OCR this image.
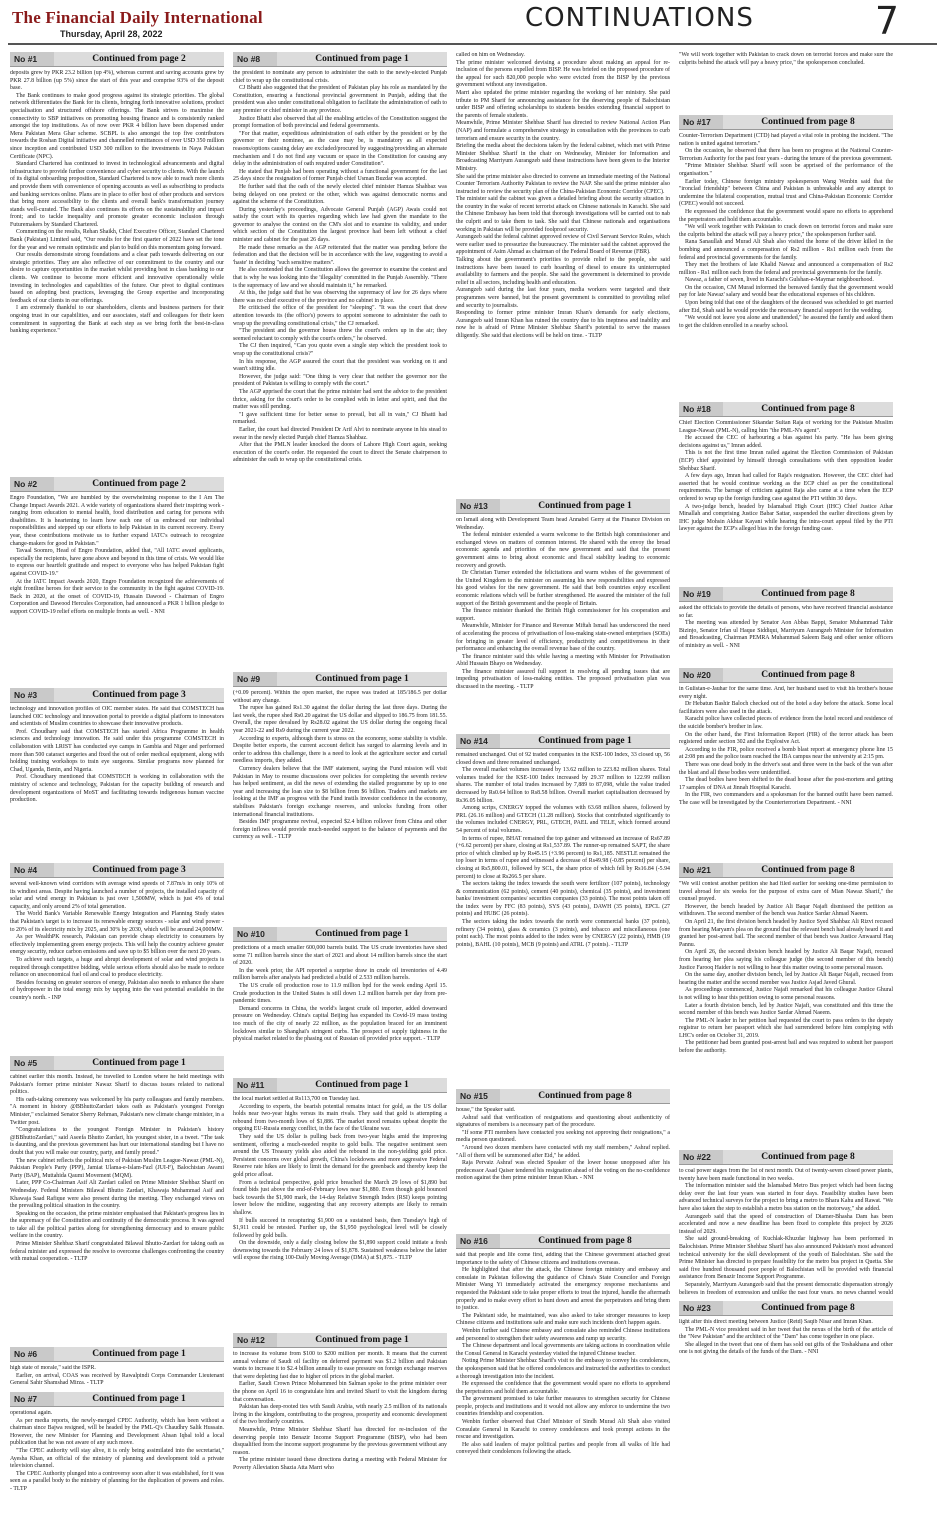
The Financial Daily International
Thursday, April 28, 2022
CONTINUATIONS	7
No #1	Continued from page 2

deposits grew by PKR 23.2 billion (up 4%), whereas current and saving accounts grew by PKR 27.8 billion (up 5%) since the start of this year and comprise 93% of the deposit base.

The Bank continues to make good progress against its strategic priorities. The global network differentiates the Bank for its clients, bringing forth innovative solutions, product specialisation and structured offshore offerings. The Bank strives to maximise the connectivity to SBP initiatives on promoting housing finance and is consistently ranked amongst the top institutions. As of now over PKR 4 billion have been dispersed under Mera Pakistan Mera Ghar scheme. SCBPL is also amongst the top five contributors towards the Roshan Digital initiative and channelled remittances of over USD 350 million since inception and contributed USD 300 million to the investments in Naya Pakistan Certificate (NPC).

Standard Chartered has continued to invest in technological advancements and digital infrastructure to provide further convenience and cyber security to clients. With the launch of its digital onboarding proposition, Standard Chartered is now able to reach more clients and provide them with convenience of opening accounts as well as subscribing to products and banking services online. Plans are in place to offer host of other products and services that bring more accessibility to the clients and overall bank's transformation journey stands well-curated. The Bank also continues its efforts on the sustainability and impact front; and to tackle inequality and promote greater economic inclusion through Futuremakers by Standard Chartered.

Commenting on the results, Rehan Shaikh, Chief Executive Officer, Standard Chartered Bank (Pakistan) Limited said, "Our results for the first quarter of 2022 have set the tone for the year and we remain optimistic and plan to build on this momentum going forward.

Our results demonstrate strong foundations and a clear path towards delivering on our strategic priorities. They are also reflective of our commitment to the country and our desire to capture opportunities in the market whilst providing best in class banking to our clients. We continue to become more efficient and innovative operationally while investing in technologies and capabilities of the future. Our pivot to digital continues based on adopting best practices, leveraging the Group expertise and incorporating feedback of our clients in our offerings.

I am extremely thankful to our shareholders, clients and business partners for their ongoing trust in our capabilities, and our associates, staff and colleagues for their keen commitment in supporting the Bank at each step as we bring forth the best-in-class banking experience."

No #2	Continued from page 2

Engro Foundation, "We are humbled by the overwhelming response to the I Am The Change Impact Awards 2021. A wide variety of organizations shared their inspiring work - ranging from education to mental health, food distribution and caring for persons with disabilities. It is heartening to learn how each one of us embraced our individual responsibilities and stepped up our efforts to help Pakistan in its current recovery. Every year, these contributions motivate us to further expand IATC's outreach to recognize change-makers for good in Pakistan."

Tavaal Soomro, Head of Engro Foundation, added that, "All IATC award applicants, especially the recipients, have gone above and beyond in this time of crisis. We would like to express our heartfelt gratitude and respect to everyone who has helped Pakistan fight against COVID-19."

At the IATC Impact Awards 2020, Engro Foundation recognized the achievements of eight frontline heroes for their service to the community in the fight against COVID-19. Back in 2020, at the onset of COVID-19, Hussain Dawood - Chairman of Engro Corporation and Dawood Hercules Corporation, had announced a PKR 1 billion pledge to support COVID-19 relief efforts on multiple fronts as well. - NNI

No #3	Continued from page 3

technology and innovation profiles of OIC member states. He said that COMSTECH has launched OIC technology and innovation portal to provide a digital platform to innovators and scientists of Muslim countries to showcase their innovative products.

Prof. Choudhary said that COMSTECH has started Africa Programme in health sciences and technology innovation. He said under this programme COMSTECH in collaboration with LRIST has conducted eye camps in Gambia and Niger and performed more than 500 cataract surgeries and fixed the out of order medical equipment, along with holding training workshops to train eye surgeons. Similar programs now planned for Chad, Uganda, Benin, and Nigeria.

Prof. Choudhary mentioned that COMSTECH is working in collaboration with the ministry of science and technology, Pakistan for the capacity building of research and development organizations of MoST and facilitating towards indigenous human vaccine production.

No #4	Continued from page 3

several well-known wind corridors with average wind speeds of 7.87m/s in only 10% of its windiest areas. Despite having launched a number of projects, the installed capacity of solar and wind energy in Pakistan is just over 1,500MW, which is just 4% of total capacity, and only around 2% of total generation.

The World Bank's Variable Renewable Energy Integration and Planning Study states that Pakistan's target is to increase its renewable energy sources - solar and wind power - to 20% of its electricity mix by 2025, and 30% by 2030, which will be around 24,000MW.

As per WealthPK research, Pakistan can provide cheap electricity to consumers by effectively implementing green energy projects. This will help the country achieve greater energy security, reduce carbon emissions and save up to $5 billion over the next 20 years.

To achieve such targets, a huge and abrupt development of solar and wind projects is required through competitive bidding, while serious efforts should also be made to reduce reliance on uneconomical fuel oil and coal to produce electricity.

Besides focusing on greater sources of energy, Pakistan also needs to enhance the share of hydropower in the total energy mix by tapping into the vast potential available in the country's north. - INP

No #5	Continued from page 1

cabinet earlier this month. Instead, he travelled to London where he held meetings with Pakistan's former prime minister Nawaz Sharif to discuss issues related to national politics.

His oath-taking ceremony was welcomed by his party colleagues and family members. "A moment in history @BBhuttoZardari takes oath as Pakistan's youngest Foreign Minister," exclaimed Senator Sherry Rehman, Pakistan's new climate change minister, in a Twitter post.

"Congratulations to the youngest Foreign Minister in Pakistan's history @BBhuttoZardari," said Aseefa Bhutto Zardari, his youngest sister, in a tweet. "The task is daunting, and the previous government has hurt our international standing but I have no doubt that you will make our country, party, and family proud."

The new cabinet reflects the political mix of Pakistan Muslim League-Nawaz (PML-N), Pakistan People's Party (PPP), Jamiat Ulama-e-Islam-Fazl (JUI-F), Balochistan Awami Party (BAP), Muttahida Qaumi Movement (MQM).

Later, PPP Co-Chairman Asif Ali Zardari called on Prime Minister Shehbaz Sharif on Wednesday. Federal Ministers Bilawal Bhutto Zardari, Khawaja Muhammad Asif and Khawaja Saad Rafique were also present during the meeting. They exchanged views on the prevailing political situation in the country.

Speaking on the occasion, the prime minister emphasised that Pakistan's progress lies in the supremacy of the Constitution and continuity of the democratic process. It was agreed to take all the political parties along for strengthening democracy and to ensure public welfare in the country.

Prime Minister Shehbaz Sharif congratulated Bilawal Bhutto-Zardari for taking oath as federal minister and expressed the resolve to overcome challenges confronting the country with mutual cooperation. - TLTP

No #6	Continued from page 1

high state of morale," said the ISPR.

Earlier, on arrival, COAS was received by Rawalpindi Corps Commander Lieutenant General Sahir Shamshad Mirza. - TLTP

No #7	Continued from page 1

operational again.

As per media reports, the newly-merged CPEC Authority, which has been without a chairman since Bajwa resigned, will be headed by the PML-Q's Chaudhry Salik Hussain. However, the new Minister for Planning and Development Ahsan Iqbal told a local publication that he was not aware of any such move.

"The CPEC authority will stay alive, it is only being assimilated into the secretariat," Ayesha Khan, an official of the ministry of planning and development told a private television channel.

The CPEC Authority plunged into a controversy soon after it was established, for it was seen as a parallel body to the ministry of planning for the duplication of powers and roles. - TLTP

No #8	Continued from page 1

the president to nominate any person to administer the oath to the newly-elected Punjab chief to wrap up the constitutional crisis.

CJ Bhatti also suggested that the president of Pakistan play his role as mandated by the Constitution, ensuring a functional provincial government in Punjab, adding that the president was also under constitutional obligation to facilitate the administration of oath to any premier or chief minister in any province.

Justice Bhatti also observed that all the enabling articles of the Constitution suggest the prompt formation of both provincial and federal governments.

"For that matter, expeditious administration of oath either by the president or by the governor or their nominee, as the case may be, is mandatory as all expected reasons/options causing delay are excluded/procured by suggesting/providing an alternate mechanism and I do not find any vacuum or space in the Constitution for causing any delay in the administration of oath required under Constitution".

He stated that Punjab had been operating without a functional government for the last 25 days since the resignation of former Punjab chief Usman Buzdar was accepted.

He further said that the oath of the newly elected chief minister Hamza Shahbaz was being delayed on one pretext or the other, which was against democratic norms and against the scheme of the Constitution.

During yesterday's proceedings, Advocate General Punjab (AGP) Awais could not satisfy the court with its queries regarding which law had given the mandate to the governor to analyse the contest on the CM's slot and to examine its validity, and under which section of the Constitution the largest province had been left without a chief minister and cabinet for the past 26 days.

He made these remarks as the AGP reiterated that the matter was pending before the federation and that the decision will be in accordance with the law, suggesting to avoid a 'haste' in deciding "such sensitive matters".

He also contended that the Constitution allows the governor to examine the contest and that is why he was looking into the 'illegality' committed in the Punjab Assembly. "There is the supremacy of law and we should maintain it," he remarked.

At this, the judge said that he was observing the supremacy of law for 26 days where there was no chief executive of the province and no cabinet in place.

He criticised the office of the president for "sleeping". "It was the court that drew attention towards its (the office's) powers to appoint someone to administer the oath to wrap up the prevailing constitutional crisis," the CJ remarked.

"The president and the governor house threw the court's orders up in the air; they seemed reluctant to comply with the court's orders," he observed.

The CJ then inquired, "Can you quote even a single step which the president took to wrap up the constitutional crisis?"

In his response, the AGP assured the court that the president was working on it and wasn't sitting idle.

However, the judge said: "One thing is very clear that neither the governor nor the president of Pakistan is willing to comply with the court."

The AGP apprised the court that the prime minister had sent the advice to the president thrice, asking for the court's order to be complied with in letter and spirit, and that the matter was still pending.

"I gave sufficient time for better sense to prevail, but all in vain," CJ Bhatti had remarked.

Earlier, the court had directed President Dr Arif Alvi to nominate anyone in his stead to swear in the newly elected Punjab chief Hamza Shahbaz.

After that the PMLN leader knocked the doors of Lahore High Court again, seeking execution of the court's order. He requested the court to direct the Senate chairperson to administer the oath to wrap up the constitutional crisis.

No #9	Continued from page 1

(+0.09 percent). Within the open market, the rupee was traded at 185/186.5 per dollar without any change.

The rupee has gained Rs1.30 against the dollar during the last three days. During the last week, the rupee shed Rs0.20 against the US dollar and slipped to 186.75 from 181.55. Overall, the rupee devalued by Rs28.02 against the US dollar during the ongoing fiscal year 2021-22 and Rs9 during the current year 2022.

According to experts, although there is stress on the economy, some stability is visible. Despite better exports, the current account deficit has surged to alarming levels and in order to address this challenge, there is a need to look at the agriculture sector and curtail needless imports, they added.

Currency dealers believe that the IMF statement, saying the Fund mission will visit Pakistan in May to resume discussions over policies for completing the seventh review has helped sentiment, as did the news of extending the stalled programme by up to one year and increasing the loan size to $8 billion from $6 billion. Traders and markets are looking at the IMF as progress with the Fund instils investor confidence in the economy, stabilises Pakistan's foreign exchange reserves, and unlocks funding from other international financial institutions.

Besides IMF programme revival, expected $2.4 billion rollover from China and other foreign inflows would provide much-needed support to the balance of payments and the currency as well. - TLTP

No #10	Continued from page 1

predictions of a much smaller 600,000 barrels build. The US crude inventories have shed some 71 million barrels since the start of 2021 and about 14 million barrels since the start of 2020.

In the week prior, the API reported a surprise draw in crude oil inventories of 4.49 million barrels after analysts had predicted a build of 2.533 million barrels.

The US crude oil production rose to 11.9 million bpd for the week ending April 15. Crude production in the United States is still down 1.2 million barrels per day from pre-pandemic times.

Demand concerns in China, the world's largest crude oil importer, added downward pressure on Wednesday. China's capital Beijing has expanded its Covid-19 mass testing too much of the city of nearly 22 million, as the population braced for an imminent lockdown similar to Shanghai's stringent curbs. The prospect of supply tightness in the physical market related to the phasing out of Russian oil provided price support. - TLTP

No #11	Continued from page 1

the local market settled at Rs113,700 on Tuesday last.

According to experts, the bearish potential remains intact for gold, as the US dollar holds near two-year highs versus its main rivals. They said that gold is attempting a rebound from two-month lows of $1,886. The market mood remains upbeat despite the ongoing EU-Russia energy conflict, in the face of the Ukraine war.

They said the US dollar is pulling back from two-year highs amid the improving sentiment, offering a much-needed respite to gold bulls. The negative sentiment seen around the US Treasury yields also aided the rebound in the non-yielding gold price. Persistent concerns over global growth, China's lockdowns and more aggressive Federal Reserve rate hikes are likely to limit the demand for the greenback and thereby keep the gold price afloat.

From a technical perspective, gold price breached the March 29 lows of $1,890 but found bids just above the end-of-February lows near $1,880. Even though gold bounced back towards the $1,900 mark, the 14-day Relative Strength Index (RSI) keeps pointing lower below the midline, suggesting that any recovery attempts are likely to remain shallow.

If bulls succeed in recapturing $1,900 on a sustained basis, then Tuesday's high of $1,911 could be retested. Further up, the $1,950 psychological level will be closely followed by gold bulls.

On the downside, only a daily closing below the $1,890 support could initiate a fresh downswing towards the February 24 lows of $1,878. Sustained weakness below the latter will expose the rising 100-Daily Moving Average (DMA) at $1,875. - TLTP

No #12	Continued from page 1

to increase its volume from $100 to $200 million per month. It means that the current annual volume of Saudi oil facility on deferred payment was $1.2 billion and Pakistan wants to increase it to $2.4 billion annually to ease pressure on foreign exchange reserves that were depleting fast due to higher oil prices in the global market.

Earlier, Saudi Crown Prince Mohammed bin Salman spoke to the prime minister over the phone on April 16 to congratulate him and invited Sharif to visit the kingdom during that conversation.

Pakistan has deep-rooted ties with Saudi Arabia, with nearly 2.5 million of its nationals living in the kingdom, contributing to the progress, prosperity and economic development of the two brotherly countries.

Meanwhile, Prime Minister Shehbaz Sharif has directed for re-inclusion of the deserving people into Benazir Income Support Programme (BISP), who had been disqualified from the income support programme by the previous government without any reason.

The prime minister issued these directions during a meeting with Federal Minister for Poverty Alleviation Shazia Atta Marri who

called on him on Wednesday.

The prime minister welcomed devising a procedure about making an appeal for re-inclusion of the persons expelled from BISP. He was briefed on the proposed procedure of the appeal for such 820,000 people who were evicted from the BISP by the previous government without any investigation.

Marri also updated the prime minister regarding the working of her ministry. She paid tribute to PM Sharif for announcing assistance for the deserving people of Balochistan under BISP and offering scholarships to students besides extending financial support to the parents of female students.

Meanwhile, Prime Minister Shehbaz Sharif has directed to review National Action Plan (NAP) and formulate a comprehensive strategy in consultation with the provinces to curb terrorism and ensure security in the country.

Briefing the media about the decisions taken by the federal cabinet, which met with Prime Minister Shehbaz Sharif in the chair on Wednesday, Minister for Information and Broadcasting Marriyum Aurangzeb said these instructions have been given to the Interior Ministry.

She said the prime minister also directed to convene an immediate meeting of the National Counter Terrorism Authority Pakistan to review the NAP. She said the prime minister also instructed to review the security plan of the China-Pakistan Economic Corridor (CPEC).

The minister said the cabinet was given a detailed briefing about the security situation in the country in the wake of recent terrorist attack on Chinese nationals in Karachi. She said the Chinese Embassy has been told that thorough investigations will be carried out to nab the culprit and to take them to task. She said that Chinese nationals and organisations working in Pakistan will be provided foolproof security.

Aurangzeb said the federal cabinet approved review of Civil Servant Service Rules, which were earlier used to pressurize the bureaucracy. The minister said the cabinet approved the appointment of Asim Ahmad as chairman of the Federal Board of Revenue (FBR).

Talking about the government's priorities to provide relief to the people, she said instructions have been issued to curb hoarding of diesel to ensure its uninterrupted availability to farmers and the people. She said the government is determined to provide relief in all sectors, including health and education.

Aurangzeb said during the last four years, media workers were targeted and their programmes were banned, but the present government is committed to providing relief and security to journalists.

Responding to former prime minister Imran Khan's demands for early elections, Aurangzeb said Imran Khan has ruined the country due to his ineptness and inability and now he is afraid of Prime Minister Shehbaz Sharif's potential to serve the masses diligently. She said that elections will be held on time. - TLTP

No #13	Continued from page 1

on Ismail along with Development Team head Annabel Gerry at the Finance Division on Wednesday.

The federal minister extended a warm welcome to the British high commissioner and exchanged views on matters of common interest. He shared with the envoy the broad economic agenda and priorities of the new government and said that the present government aims to bring about economic and fiscal stability leading to economic recovery and growth.

Dr Christian Turner extended the felicitations and warm wishes of the government of the United Kingdom to the minister on assuming his new responsibilities and expressed his good wishes for the new government. He said that both countries enjoy excellent economic relations which will be further strengthened. He assured the minister of the full support of the British government and the people of Britain.

The finance minister thanked the British High commissioner for his cooperation and support.

Meanwhile, Minister for Finance and Revenue Miftah Ismail has underscored the need of accelerating the process of privatisation of loss-making state-owned enterprises (SOEs) for bringing in greater level of efficiency, productivity and competitiveness in their performance and enhancing the overall revenue base of the country.

The finance minister said this while having a meeting with Minister for Privatisation Abid Hussain Bhayo on Wednesday.

The finance minister assured full support in resolving all pending issues that are impeding privatisation of loss-making entities. The proposed privatisation plan was discussed in the meeting. - TLTP

No #14	Continued from page 1

remained unchanged. Out of 92 traded companies in the KSE-100 Index, 33 closed up, 56 closed down and three remained unchanged.

The overall market volumes increased by 13.62 million to 223.82 million shares. Total volumes traded for the KSE-100 Index increased by 29.37 million to 122.99 million shares. The number of total trades increased by 7,889 to 87,098, while the value traded decreased by Rs0.64 billion to Rs8.58 billion. Overall market capitalisation decreased by Rs36.05 billion.

Among scrips, CNERGY topped the volumes with 63.68 million shares, followed by PRL (26.16 million) and GTECH (11.28 million). Stocks that contributed significantly to the volumes included CNERGY, PRL, GTECH, PAEL and TELE, which formed around 54 percent of total volumes.

In terms of rupee, BHAT remained the top gainer and witnessed an increase of Rs67.89 (+6.62 percent) per share, closing at Rs1,537.89. The runner-up remained SAPT, the share price of which climbed up by Rs45.15 (+3.96 percent) to Rs1,185. NESTLE remained the top loser in terms of rupee and witnessed a decrease of Rs49.98 (-0.85 percent) per share, closing at Rs5,800.01, followed by SCL, the share price of which fell by Rs16.84 (-5.94 percent) to close at Rs266.5 per share.

The sectors taking the index towards the south were fertilizer (107 points), technology & communication (62 points), cement (40 points), chemical (35 points), and investment banks/ investment companies/ securities companies (33 points). The most points taken off the index were by FFC (83 points), SYS (43 points), DAWH (35 points), EPCL (27 points) and HUBC (26 points).

The sectors taking the index towards the north were commercial banks (37 points), refinery (34 points), glass & ceramics (3 points), and tobacco and miscellaneous (one point each). The most points added to the index were by CNERGY (22 points), HMB (19 points), BAHL (10 points), MCB (9 points) and ATRL (7 points). - TLTP

No #15	Continued from page 8

house," the Speaker said.

Ashraf said that verification of resignations and questioning about authenticity of signatures of members is a necessary part of the procedure.

"If some PTI members have contacted you seeking not approving their resignations," a media person questioned.

"Around two dozen members have contacted with my staff members," Ashraf replied. "All of them will be summoned after Eid," he added.

Raja Pervaiz Ashraf was elected Speaker of the lower house unopposed after his predecessor Asad Qaiser tendered his resignation ahead of the voting on the no-confidence motion against the then prime minister Imran Khan. - NNI

No #16	Continued from page 8

said that people and life come first, adding that the Chinese government attached great importance to the safety of Chinese citizens and institutions overseas.

He highlighted that after the attack, the Chinese foreign ministry and embassy and consulate in Pakistan following the guidance of China's State Councilor and Foreign Minister Wang Yi immediately activated the emergency response mechanisms and requested the Pakistani side to take proper efforts to treat the injured, handle the aftermath properly and to make every effort to hunt down and arrest the perpetrators and bring them to justice.

The Pakistani side, he maintained, was also asked to take stronger measures to keep Chinese citizens and institutions safe and make sure such incidents don't happen again.

Wenbin further said Chinese embassy and consulate also reminded Chinese institutions and personnel to strengthen their safety awareness and ramp up security.

The Chinese department and local governments are taking actions in coordination while the Consul General in Karachi yesterday visited the injured Chinese teacher.

Noting Prime Minister Shehbaz Sharif's visit to the embassy to convey his condolences, the spokesperson said that he offered condolences and instructed the authorities to conduct a thorough investigation into the incident.

He expressed the confidence that the government would spare no efforts to apprehend the perpetrators and hold them accountable.

The government promised to take further measures to strengthen security for Chinese people, projects and institutions and it would not allow any enforce to undermine the two countries friendship and cooperation.

Wenbin further observed that Chief Minister of Sindh Murad Ali Shah also visited Consulate General in Karachi to convey condolences and took prompt actions in the rescue and investigation.

He also said leaders of major political parties and people from all walks of life had conveyed their condolences following the attack.

"We will work together with Pakistan to crack down on terrorist forces and make sure the culprits behind the attack will pay a heavy price," the spokesperson concluded.

No #17	Continued from page 8

Counter-Terrorism Department (CTD) had played a vital role in probing the incident. "The nation is united against terrorism."

On the occasion, he observed that there has been no progress at the National Counter-Terrorism Authority for the past four years - during the tenure of the previous government.

"Prime Minister Shehbaz Sharif will soon be apprised of the performance of the organisation."

Earlier today, Chinese foreign ministry spokesperson Wang Wenbin said that the "ironclad friendship" between China and Pakistan is unbreakable and any attempt to undermine the bilateral cooperation, mutual trust and China-Pakistan Economic Corridor (CPEC) would not succeed.

He expressed the confidence that the government would spare no efforts to apprehend the perpetrators and hold them accountable.

"We will work together with Pakistan to crack down on terrorist forces and make sure the culprits behind the attack will pay a heavy price," the spokesperson further said.

Rana Sanaullah and Murad Ali Shah also visited the home of the driver killed in the bombing and announced a compensation of Rs2 million - Rs1 million each from the federal and provincial governments for the family.

They met the brothers of late Khalid Nawaz and announced a compensation of Rs2 million - Rs1 million each from the federal and provincial governments for the family.

Nawaz, a father of seven, lived in Karachi's Gulshan-e-Maymar neighbourhood.

On the occasion, CM Murad informed the bereaved family that the government would pay for late Nawaz' salary and would bear the educational expenses of his children.

Upon being told that one of the daughters of the deceased was scheduled to get married after Eid, Shah said he would provide the necessary financial support for the wedding.

"We would not leave you alone and unattended," he assured the family and asked them to get the children enrolled in a nearby school.

No #18	Continued from page 8

Chief Election Commissioner Sikandar Sultan Raja of working for the Pakistan Muslim League-Nawaz (PML-N), calling him "the PML-N's agent".

He accused the CEC of harbouring a bias against his party. "He has been giving decisions against us," Imran added.

This is not the first time Imran railed against the Election Commission of Pakistan (ECP) chief appointed by himself through consultations with then opposition leader Shehbaz Sharif.

A few days ago, Imran had called for Raja's resignation. However, the CEC chief had asserted that he would continue working as the ECP chief as per the constitutional requirements. The barrage of criticism against Raja also came at a time when the ECP ordered to wrap up the foreign funding case against the PTI within 30 days.

A two-judge bench, headed by Islamabad High Court (IHC) Chief Justice Athar Minallah and comprising Justice Babar Sattar, suspended the earlier directions given by IHC judge Mohsin Akhtar Kayani while hearing the intra-court appeal filed by the PTI lawyer against the ECP's alleged bias in the foreign funding case.

No #19	Continued from page 8

asked the officials to provide the details of persons, who have received financial assistance so far.

The meeting was attended by Senator Aon Abbas Bappi, Senator Muhammad Tahir Bizinjo, Senator Irfan ul Haque Siddiqui, Marriyum Aurangzeb Minister for Information and Broadcasting, Chairman PEMRA Muhammad Saleem Baig and other senior officers of ministry as well. - NNI

No #20	Continued from page 8

in Gulistan-e-Jauhar for the same time. And, her husband used to visit his brother's house every night.

Dr Hebatun Bashir Baloch checked out of the hotel a day before the attack. Some local facilitators were also used in the attack.

Karachi police have collected pieces of evidence from the hotel record and residence of the suicide bomber's brother in law.

On the other hand, the First Information Report (FIR) of the terror attack has been registered under section 302 and the Explosive Act.

According to the FIR, police received a bomb blast report at emergency phone line 15 at 2:08 pm and the police team reached the IBA campus near the university at 2:15 pm.

There was one dead body in the driver's seat and three were in the back of the van after the blast and all these bodies were unidentified.

The dead bodies have been shifted to the dead house after the post-mortem and getting 17 samples of DNA at Jinnah Hospital Karachi.

In the FIR, two commanders and a spokesman for the banned outfit have been named. The case will be investigated by the Counterterrorism Department. - NNI

No #21	Continued from page 8

"We will contest another petition she had filed earlier for seeking one-time permission to travel abroad for six weeks for the purpose of extra care of Mian Nawaz Sharif," the counsel prayed.

However, the bench headed by Justice Ali Baqar Najafi dismissed the petition as withdrawn. The second member of the bench was Justice Sardar Ahmad Naeem.

On April 21, the first division bench headed by Justice Syed Shahbaz Ali Rizvi recused from hearing Maryam's plea on the ground that the relevant bench had already heard it and granted her post-arrest bail. The second member of that bench was Justice Anwaarul Haq Pannu.

On April 26, the second division bench headed by Justice Ali Baqar Najafi, recused from hearing her plea saying his colleague judge (the second member of this bench) Justice Farooq Haider is not willing to hear this matter owing to some personal reason.

On the same day, another division bench, led by Justice Ali Baqar Najafi, recused from hearing the matter and the second member was Justice Asjad Javed Ghural.

As proceedings commenced, Justice Najafi remarked that his colleague Justice Ghural is not willing to hear this petition owing to some personal reasons.

Later a fourth division bench, led by Justice Najafi, was constituted and this time the second member of this bench was Justice Sardar Ahmad Naeem.

The PML-N leader in her petition had requested the court to pass orders to the deputy registrar to return her passport which she had surrendered before him complying with LHC's order on October 31, 2019.

The petitioner had been granted post-arrest bail and was required to submit her passport before the authority.

No #22	Continued from page 8

to coal power stages from the 1st of next month. Out of twenty-seven closed power plants, twenty have been made functional in two weeks.

The information minister said the Islamabad Metro Bus project which had been facing delay over the last four years was started in four days. Feasibility studies have been advanced technical surveys for the project to bring a metro to Bhara Kahu and Rawat. "We have also taken the step to establish a metro bus station on the motorway," she added.

Aurangzeb said that the speed of construction of Diamer-Bhasha Dam has been accelerated and now a new deadline has been fixed to complete this project by 2026 instead of 2029.

She said ground-breaking of Kuchlak-Khuzdar highway has been performed in Balochistan. Prime Minister Shehbaz Sharif has also announced Pakistan's most advanced technical university for the skill development of the youth of Balochistan. She said the Prime Minister has directed to prepare feasibility for the metro bus project in Quetta. She said five hundred thousand poor people of Balochistan will be provided with financial assistance from Benazir Income Support Programme.

Separately, Marriyum Aurangzeb said that the present democratic dispensation strongly believes in freedom of expression and unlike the past four years, no news channel would

No #23	Continued from page 8

light after this direct meeting between Justice (Retd) Saqib Nisar and Imran Khan.

The PML-N vice president said in her tweet that the nexus of the birth of the article of the "New Pakistan" and the architect of the "Dam" has come together in one place.

She alleged in the tweet that one of them has sold out gifts of the Toshakhana and other one is not giving the details of the funds of the Dam. - NNI
